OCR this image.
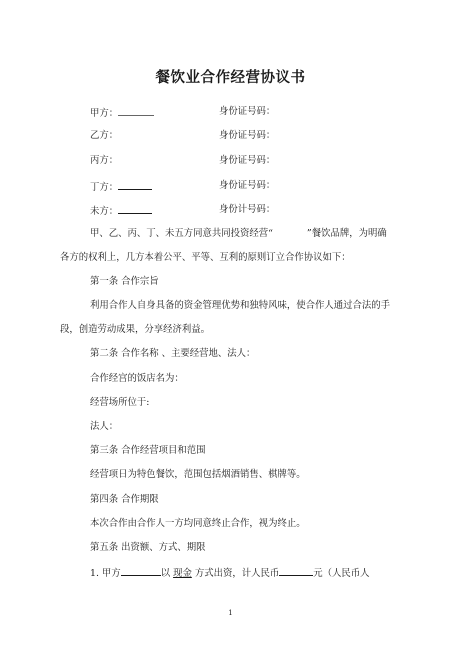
餐饮业合作经营协议书
甲方：	身份证号码：
乙方：	身份证号码：
丙方：	身份证号码：
丁方：	身份证号码：
未方：	身份计号码：
甲、乙、丙、丁、未五方同意共同投资经营“	”餐饮品牌，为明确
各方的权利上，几方本着公平、平等、互利的原则订立合作协议如下：
第一条 合作宗旨
利用合作人自身具备的资金管理优势和独特风味，使合作人通过合法的手
段，创造劳动成果，分享经济利益。
第二条 合作名称 、主要经营地、法人：
合作经宫的饭店名为：
经营场所位于:
法人：
第三条 合作经营项目和范围
经营项日为特色餐饮，范围包括烟酒销售、棋牌等。
第四条 合作期限
本次合作由合作人一方均同意终止合作，视为终止。
第五条 出资额、方式、期限
1. 甲方	以 现金 方式出资，计人民币	元（人民币人
1
